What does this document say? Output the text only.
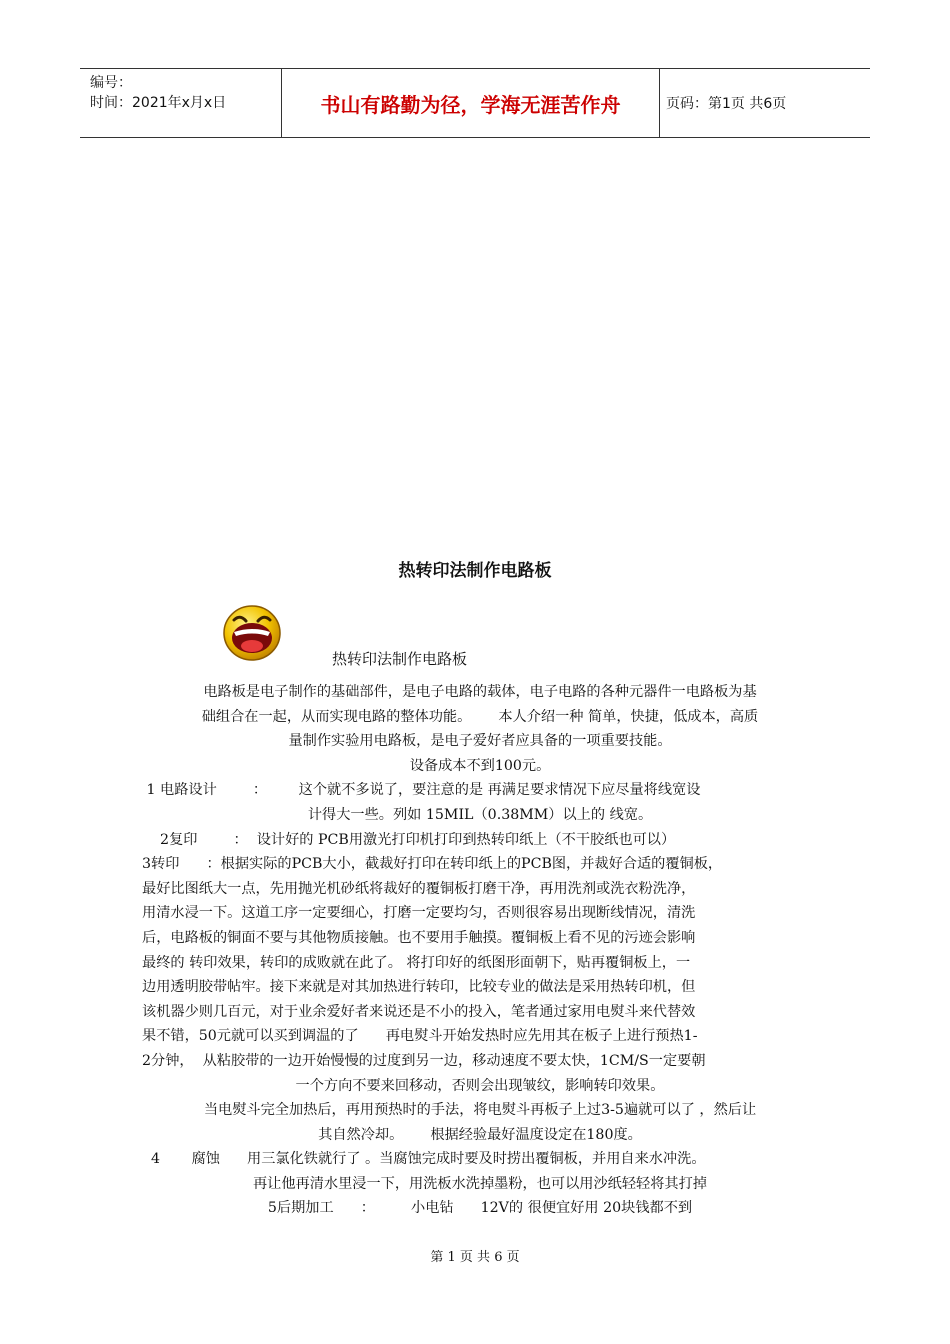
编号：
时间：2021年x月x日	书山有路勤为径，学海无涯苦作舟	页码：第1页 共6页
热转印法制作电路板
热转印法制作电路板
电路板是电子制作的基础部件，是电子电路的载体，电子电路的各种元器件一电路板为基
础组合在一起，从而实现电路的整体功能。      本人介绍一种 简单，快捷，低成本，高质
量制作实验用电路板，是电子爱好者应具备的一项重要技能。
设备成本不到100元。
1 电路设计        ：       这个就不多说了，要注意的是 再满足要求情况下应尽量将线宽设
计得大一些。列如 15MIL（0.38MM）以上的 线宽。
2复印        ：  设计好的 PCB用激光打印机打印到热转印纸上（不干胶纸也可以）
3转印      ：根据实际的PCB大小，截裁好打印在转印纸上的PCB图，并裁好合适的覆铜板，
最好比图纸大一点，先用抛光机砂纸将裁好的覆铜板打磨干净，再用洗剂或洗衣粉洗净，
用清水浸一下。这道工序一定要细心，打磨一定要均匀，否则很容易出现断线情况，清洗
后，电路板的铜面不要与其他物质接触。也不要用手触摸。覆铜板上看不见的污迹会影响
最终的 转印效果，转印的成败就在此了。 将打印好的纸图形面朝下，贴再覆铜板上，一
边用透明胶带帖牢。接下来就是对其加热进行转印，比较专业的做法是采用热转印机，但
该机器少则几百元，对于业余爱好者来说还是不小的投入，笔者通过家用电熨斗来代替效
果不错，50元就可以买到调温的了      再电熨斗开始发热时应先用其在板子上进行预热1-
2分钟，  从粘胶带的一边开始慢慢的过度到另一边，移动速度不要太快，1CM/S一定要朝
一个方向不要来回移动，否则会出现皱纹，影响转印效果。
当电熨斗完全加热后，再用预热时的手法，将电熨斗再板子上过3-5遍就可以了 ，然后让
其自然冷却。      根据经验最好温度设定在180度。
4       腐蚀      用三氯化铁就行了 。当腐蚀完成时要及时捞出覆铜板，并用自来水冲洗。
再让他再清水里浸一下，用洗板水洗掉墨粉，也可以用沙纸轻轻将其打掉
5后期加工      ：        小电钻      12V的 很便宜好用 20块钱都不到
第 1 页 共 6 页
